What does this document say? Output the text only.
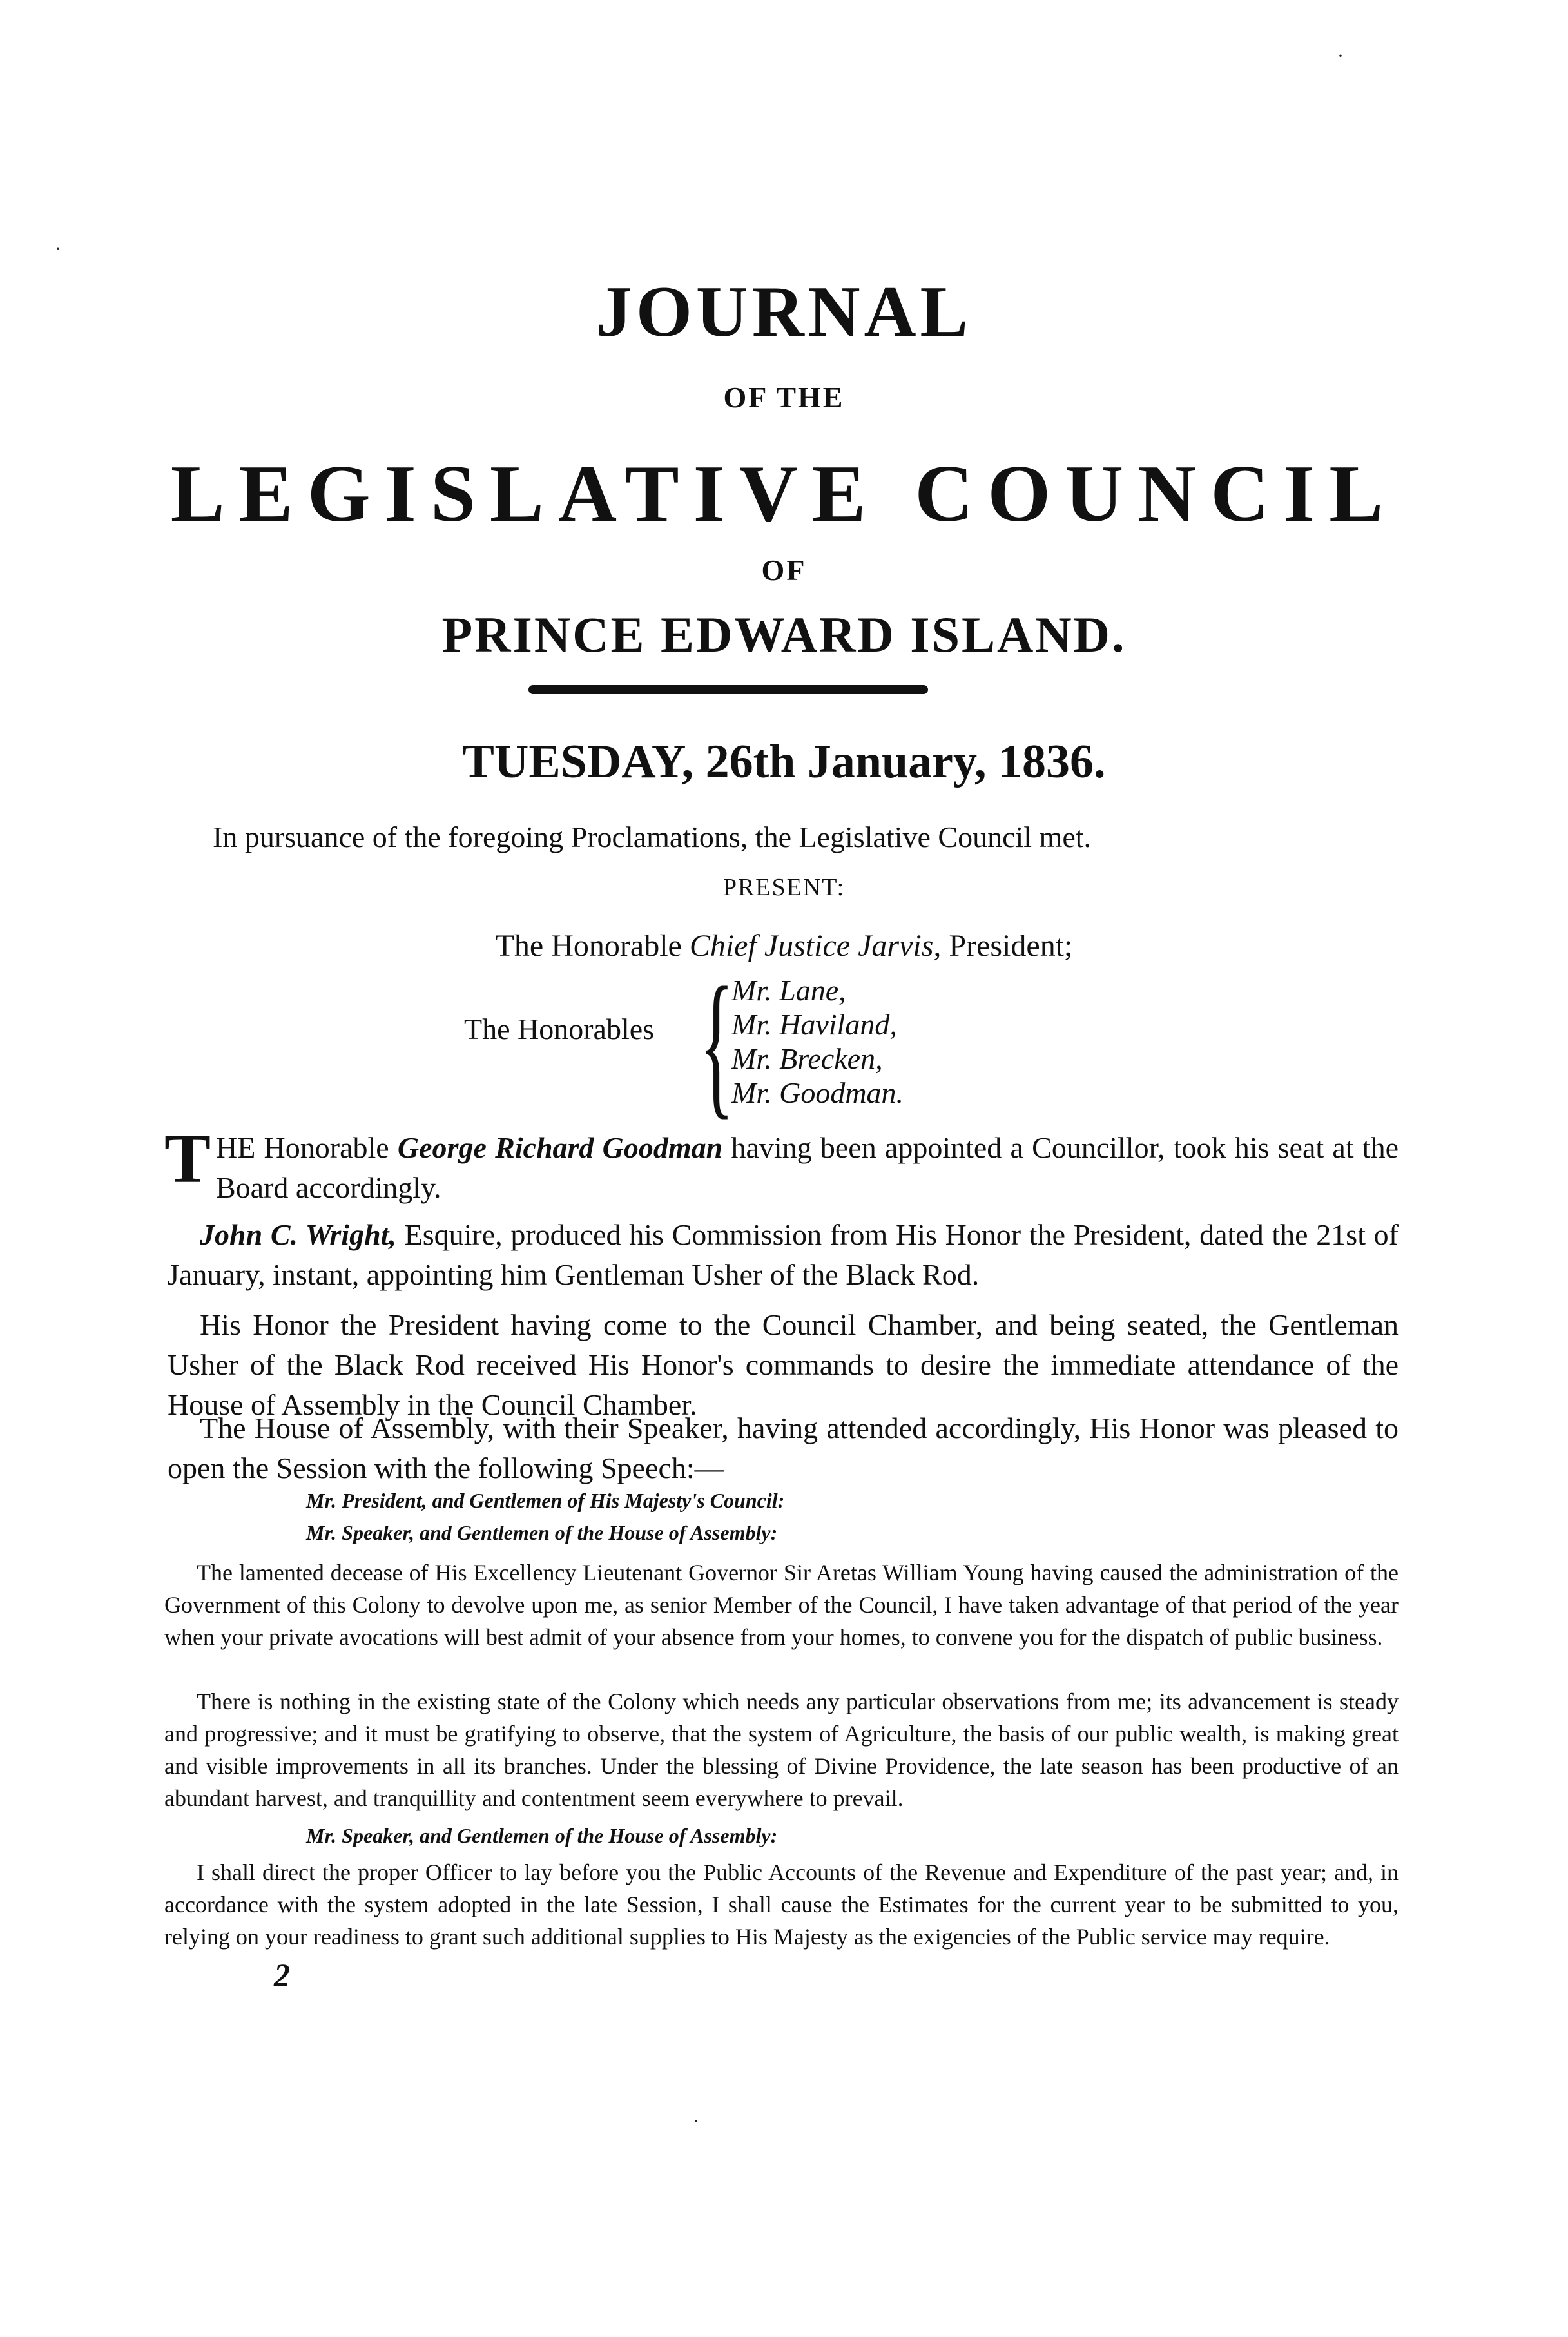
·
·
JOURNAL
OF THE
LEGISLATIVE COUNCIL
OF
PRINCE EDWARD ISLAND.
TUESDAY, 26th January, 1836.
In pursuance of the foregoing Proclamations, the Legislative Council met.
PRESENT:
The Honorable Chief Justice Jarvis, President;
The Honorables {
Mr. Lane,
Mr. Haviland,
Mr. Brecken,
Mr. Goodman.
T HE Honorable George Richard Goodman having been appointed a Councillor, took his seat at the Board accordingly.
John C. Wright, Esquire, produced his Commission from His Honor the President, dated the 21st of January, instant, appointing him Gentleman Usher of the Black Rod.
His Honor the President having come to the Council Chamber, and being seated, the Gentleman Usher of the Black Rod received His Honor's commands to desire the immediate attendance of the House of Assembly in the Council Chamber.
The House of Assembly, with their Speaker, having attended accordingly, His Honor was pleased to open the Session with the following Speech:—
Mr. President, and Gentlemen of His Majesty's Council:
Mr. Speaker, and Gentlemen of the House of Assembly:
The lamented decease of His Excellency Lieutenant Governor Sir Aretas William Young having caused the administration of the Government of this Colony to devolve upon me, as senior Member of the Council, I have taken advantage of that period of the year when your private avocations will best admit of your absence from your homes, to convene you for the dispatch of public business.
There is nothing in the existing state of the Colony which needs any particular observations from me; its advancement is steady and progressive; and it must be gratifying to observe, that the system of Agriculture, the basis of our public wealth, is making great and visible improvements in all its branches. Under the blessing of Divine Providence, the late season has been productive of an abundant harvest, and tranquillity and contentment seem everywhere to prevail.
Mr. Speaker, and Gentlemen of the House of Assembly:
I shall direct the proper Officer to lay before you the Public Accounts of the Revenue and Expenditure of the past year; and, in accordance with the system adopted in the late Session, I shall cause the Estimates for the current year to be submitted to you, relying on your readiness to grant such additional supplies to His Majesty as the exigencies of the Public service may require.
2
·
